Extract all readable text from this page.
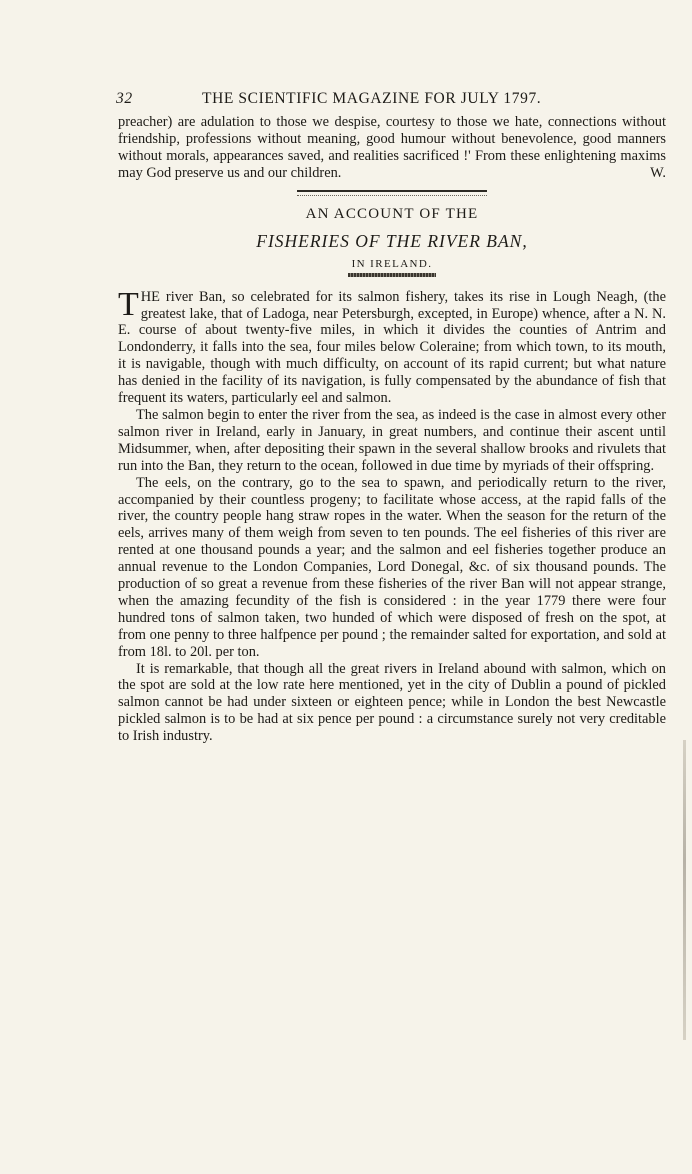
32	THE SCIENTIFIC MAGAZINE FOR JULY 1797.

preacher) are adulation to those we despise, courtesy to those we hate, connections without friendship, professions without meaning, good humour without benevolence, good manners without morals, appearances saved, and realities sacrificed !' From these enlightening maxims may God preserve us and our children.	W.

AN ACCOUNT OF THE
FISHERIES OF THE RIVER BAN,
IN IRELAND.

T HE river Ban, so celebrated for its salmon fishery, takes its rise in Lough Neagh, (the greatest lake, that of Ladoga, near Petersburgh, excepted, in Europe) whence, after a N. N. E. course of about twenty-five miles, in which it divides the counties of Antrim and Londonderry, it falls into the sea, four miles below Coleraine; from which town, to its mouth, it is navigable, though with much difficulty, on account of its rapid current; but what nature has denied in the facility of its navigation, is fully compensated by the abundance of fish that frequent its waters, particularly eel and salmon.

The salmon begin to enter the river from the sea, as indeed is the case in almost every other salmon river in Ireland, early in January, in great numbers, and continue their ascent until Midsummer, when, after depositing their spawn in the several shallow brooks and rivulets that run into the Ban, they return to the ocean, followed in due time by myriads of their offspring.

The eels, on the contrary, go to the sea to spawn, and periodically return to the river, accompanied by their countless progeny; to facilitate whose access, at the rapid falls of the river, the country people hang straw ropes in the water. When the season for the return of the eels, arrives many of them weigh from seven to ten pounds. The eel fisheries of this river are rented at one thousand pounds a year; and the salmon and eel fisheries together produce an annual revenue to the London Companies, Lord Donegal, &c. of six thousand pounds. The production of so great a revenue from these fisheries of the river Ban will not appear strange, when the amazing fecundity of the fish is considered : in the year 1779 there were four hundred tons of salmon taken, two hunded of which were disposed of fresh on the spot, at from one penny to three halfpence per pound ; the remainder salted for exportation, and sold at from 18l. to 20l. per ton.

It is remarkable, that though all the great rivers in Ireland abound with salmon, which on the spot are sold at the low rate here mentioned, yet in the city of Dublin a pound of pickled salmon cannot be had under sixteen or eighteen pence; while in London the best Newcastle pickled salmon is to be had at six pence per pound : a circumstance surely not very creditable to Irish industry.
